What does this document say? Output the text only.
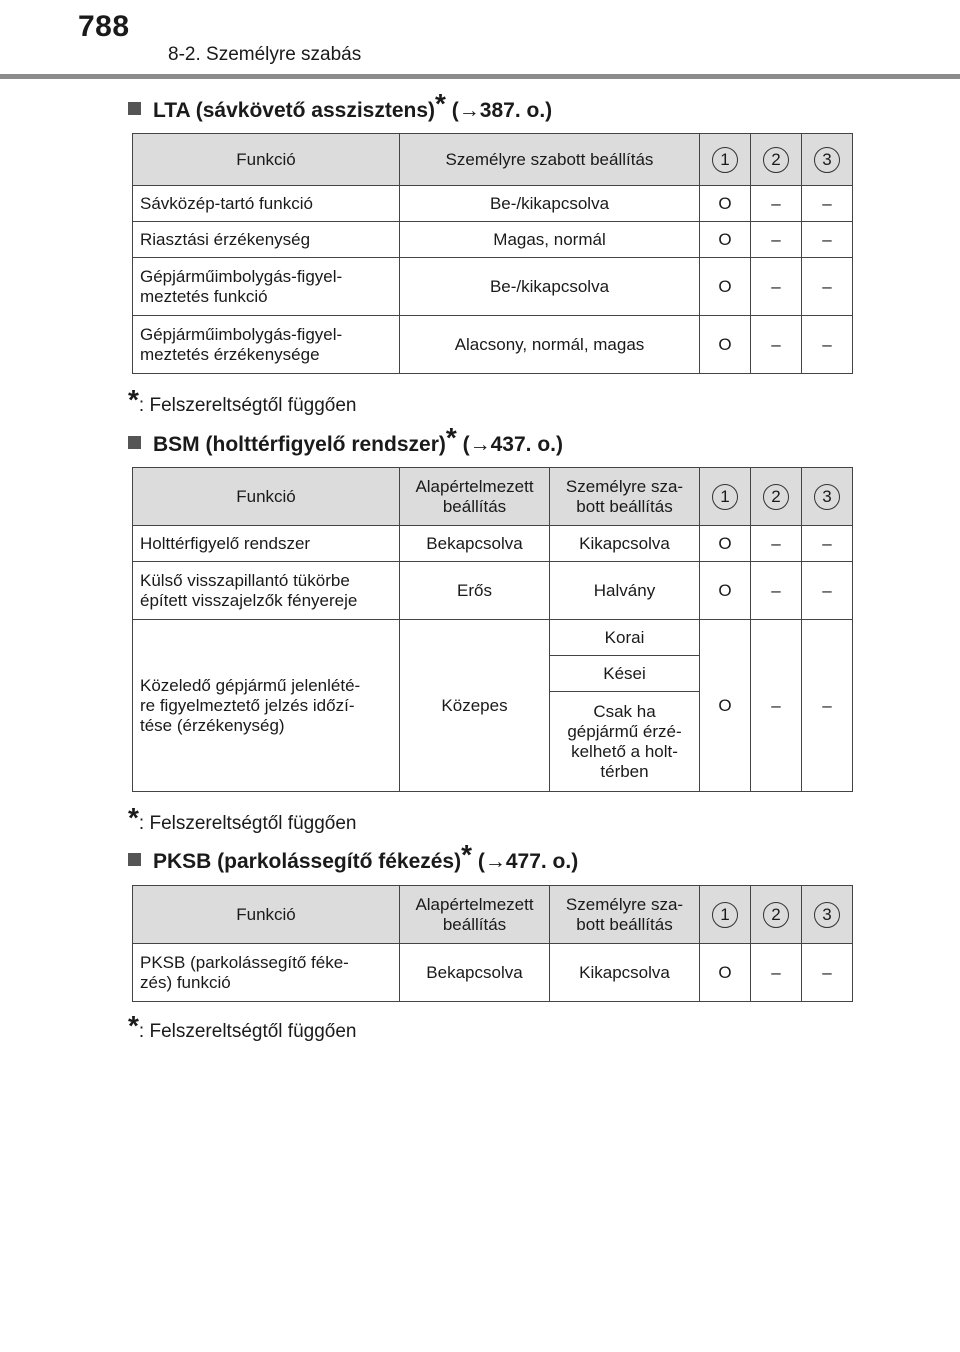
788
8-2. Személyre szabás
LTA (sávkövető asszisztens)* (→387. o.)
Funkció	Személyre szabott beállítás	1	2	3
Sávközép-tartó funkció	Be-/kikapcsolva	O	–	–
Riasztási érzékenység	Magas, normál	O	–	–
Gépjárműimbolygás-figyel-
meztetés funkció	Be-/kikapcsolva	O	–	–
Gépjárműimbolygás-figyel-
meztetés érzékenysége	Alacsony, normál, magas	O	–	–
*: Felszereltségtől függően
BSM (holttérfigyelő rendszer)* (→437. o.)
Funkció	Alapértelmezett beállítás	Személyre sza-
bott beállítás	1	2	3
Holttérfigyelő rendszer	Bekapcsolva	Kikapcsolva	O	–	–
Külső visszapillantó tükörbe
épített visszajelzők fényereje	Erős	Halvány	O	–	–
Közeledő gépjármű jelenlété-
re figyelmeztető jelzés időzí-
tése (érzékenység)	Közepes	Korai	O	–	–
		Kései			
		Csak ha
gépjármű érzé-
kelhető a holt-
térben			
*: Felszereltségtől függően
PKSB (parkolássegítő fékezés)* (→477. o.)
Funkció	Alapértelmezett beállítás	Személyre sza-
bott beállítás	1	2	3
PKSB (parkolássegítő féke-
zés) funkció	Bekapcsolva	Kikapcsolva	O	–	–
*: Felszereltségtől függően
